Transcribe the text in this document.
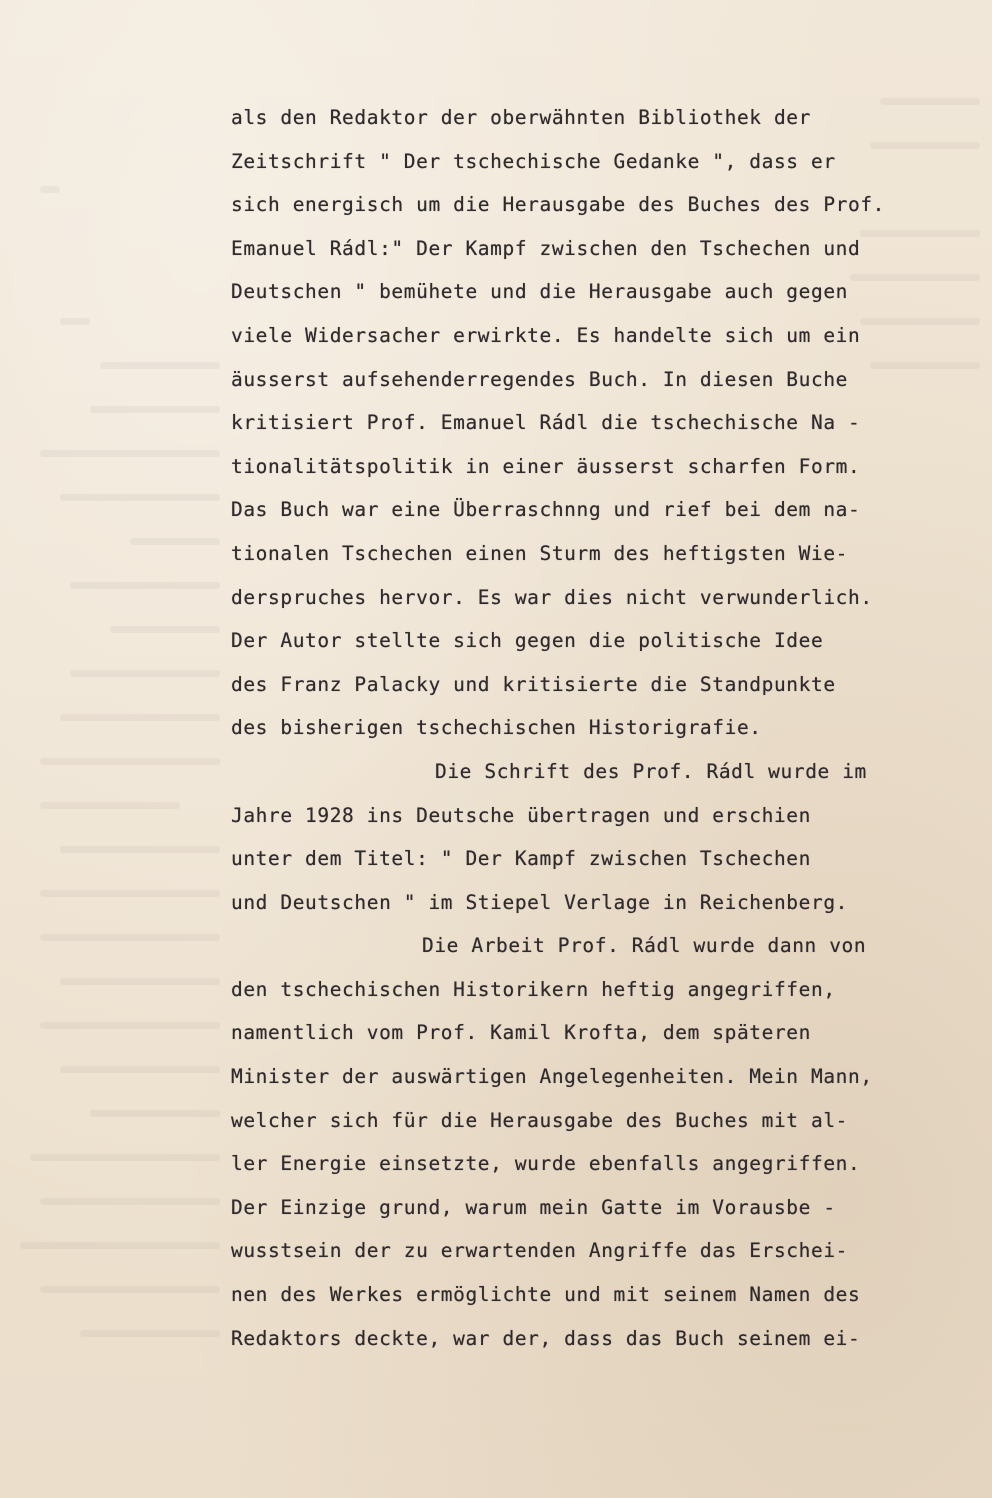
als den Redaktor der oberwähnten Bibliothek der
Zeitschrift " Der tschechische Gedanke ", dass er
sich energisch um die Herausgabe des Buches des Prof.
Emanuel Rádl:" Der Kampf zwischen den Tschechen und
Deutschen " bemühete und die Herausgabe auch gegen
viele Widersacher erwirkte. Es handelte sich um ein
äusserst aufsehenderregendes Buch. In diesen Buche
kritisiert Prof. Emanuel Rádl die tschechische Na -
tionalitätspolitik in einer äusserst scharfen Form.
Das Buch war eine Überraschnng und rief bei dem na-
tionalen Tschechen einen Sturm des heftigsten Wie-
derspruches hervor. Es war dies nicht verwunderlich.
Der Autor stellte sich gegen die politische Idee
des Franz Palacky und kritisierte die Standpunkte
des bisherigen tschechischen Historigrafie.
Die Schrift des Prof. Rádl wurde im
Jahre 1928 ins Deutsche übertragen und erschien
unter dem Titel: " Der Kampf zwischen Tschechen
und Deutschen " im Stiepel Verlage in Reichenberg.
Die Arbeit Prof. Rádl wurde dann von
den tschechischen Historikern heftig angegriffen,
namentlich vom Prof. Kamil Krofta, dem späteren
Minister der auswärtigen Angelegenheiten. Mein Mann,
welcher sich für die Herausgabe des Buches mit al-
ler Energie einsetzte, wurde ebenfalls angegriffen.
Der Einzige grund, warum mein Gatte im Vorausbe -
wusstsein der zu erwartenden Angriffe das Erschei-
nen des Werkes ermöglichte und mit seinem Namen des
Redaktors deckte, war der, dass das Buch seinem ei-
